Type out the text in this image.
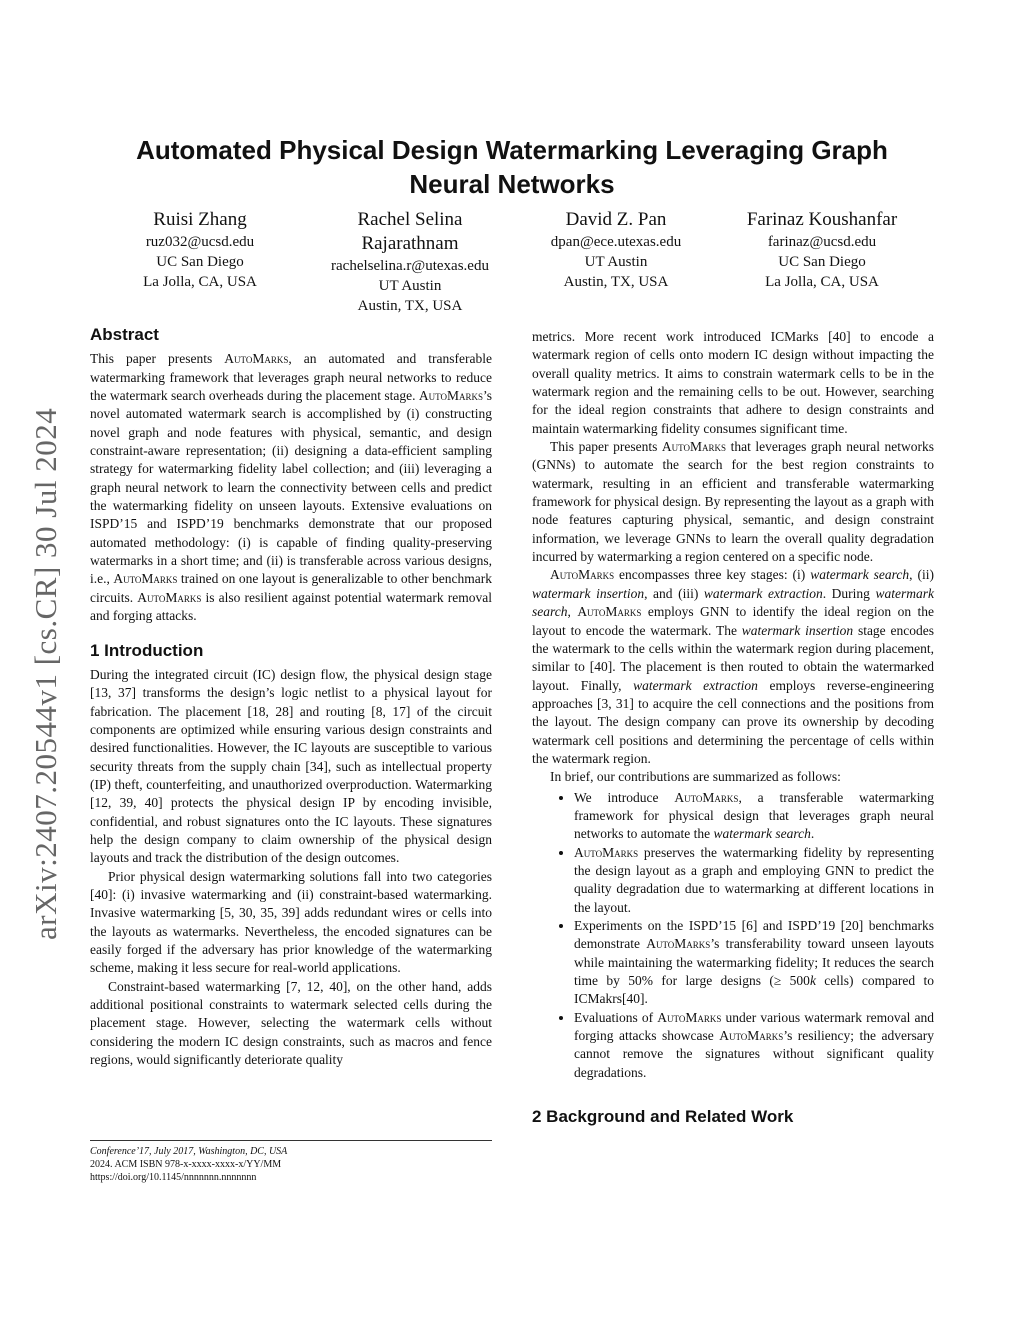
arXiv:2407.20544v1 [cs.CR] 30 Jul 2024
Automated Physical Design Watermarking Leveraging Graph Neural Networks
Ruisi Zhang
ruz032@ucsd.edu
UC San Diego
La Jolla, CA, USA
Rachel Selina Rajarathnam
rachelselina.r@utexas.edu
UT Austin
Austin, TX, USA
David Z. Pan
dpan@ece.utexas.edu
UT Austin
Austin, TX, USA
Farinaz Koushanfar
farinaz@ucsd.edu
UC San Diego
La Jolla, CA, USA
Abstract

This paper presents AutoMarks, an automated and transferable watermarking framework that leverages graph neural networks to reduce the watermark search overheads during the placement stage. AutoMarks’s novel automated watermark search is accomplished by (i) constructing novel graph and node features with physical, semantic, and design constraint-aware representation; (ii) designing a data-efficient sampling strategy for watermarking fidelity label collection; and (iii) leveraging a graph neural network to learn the connectivity between cells and predict the watermarking fidelity on unseen layouts. Extensive evaluations on ISPD’15 and ISPD’19 benchmarks demonstrate that our proposed automated methodology: (i) is capable of finding quality-preserving watermarks in a short time; and (ii) is transferable across various designs, i.e., AutoMarks trained on one layout is generalizable to other benchmark circuits. AutoMarks is also resilient against potential watermark removal and forging attacks.

1 Introduction

During the integrated circuit (IC) design flow, the physical design stage [13, 37] transforms the design’s logic netlist to a physical layout for fabrication. The placement [18, 28] and routing [8, 17] of the circuit components are optimized while ensuring various design constraints and desired functionalities. However, the IC layouts are susceptible to various security threats from the supply chain [34], such as intellectual property (IP) theft, counterfeiting, and unauthorized overproduction. Watermarking [12, 39, 40] protects the physical design IP by encoding invisible, confidential, and robust signatures onto the IC layouts. These signatures help the design company to claim ownership of the physical design layouts and track the distribution of the design outcomes.

Prior physical design watermarking solutions fall into two categories [40]: (i) invasive watermarking and (ii) constraint-based watermarking. Invasive watermarking [5, 30, 35, 39] adds redundant wires or cells into the layouts as watermarks. Nevertheless, the encoded signatures can be easily forged if the adversary has prior knowledge of the watermarking scheme, making it less secure for real-world applications.

Constraint-based watermarking [7, 12, 40], on the other hand, adds additional positional constraints to watermark selected cells during the placement stage. However, selecting the watermark cells without considering the modern IC design constraints, such as macros and fence regions, would significantly deteriorate quality

Conference’17, July 2017, Washington, DC, USA
2024. ACM ISBN 978-x-xxxx-xxxx-x/YY/MM
https://doi.org/10.1145/nnnnnnn.nnnnnnn

metrics. More recent work introduced ICMarks [40] to encode a watermark region of cells onto modern IC design without impacting the overall quality metrics. It aims to constrain watermark cells to be in the watermark region and the remaining cells to be out. However, searching for the ideal region constraints that adhere to design constraints and maintain watermarking fidelity consumes significant time.

This paper presents AutoMarks that leverages graph neural networks (GNNs) to automate the search for the best region constraints to watermark, resulting in an efficient and transferable watermarking framework for physical design. By representing the layout as a graph with node features capturing physical, semantic, and design constraint information, we leverage GNNs to learn the overall quality degradation incurred by watermarking a region centered on a specific node.

AutoMarks encompasses three key stages: (i) watermark search, (ii) watermark insertion, and (iii) watermark extraction. During watermark search, AutoMarks employs GNN to identify the ideal region on the layout to encode the watermark. The watermark insertion stage encodes the watermark to the cells within the watermark region during placement, similar to [40]. The placement is then routed to obtain the watermarked layout. Finally, watermark extraction employs reverse-engineering approaches [3, 31] to acquire the cell connections and the positions from the layout. The design company can prove its ownership by decoding watermark cell positions and determining the percentage of cells within the watermark region.

In brief, our contributions are summarized as follows:

• We introduce AutoMarks, a transferable watermarking framework for physical design that leverages graph neural networks to automate the watermark search.
• AutoMarks preserves the watermarking fidelity by representing the design layout as a graph and employing GNN to predict the quality degradation due to watermarking at different locations in the layout.
• Experiments on the ISPD’15 [6] and ISPD’19 [20] benchmarks demonstrate AutoMarks’s transferability toward unseen layouts while maintaining the watermarking fidelity; It reduces the search time by 50% for large designs (≥ 500k cells) compared to ICMakrs[40].
• Evaluations of AutoMarks under various watermark removal and forging attacks showcase AutoMarks’s resiliency; the adversary cannot remove the signatures without significant quality degradations.
2 Background and Related Work
